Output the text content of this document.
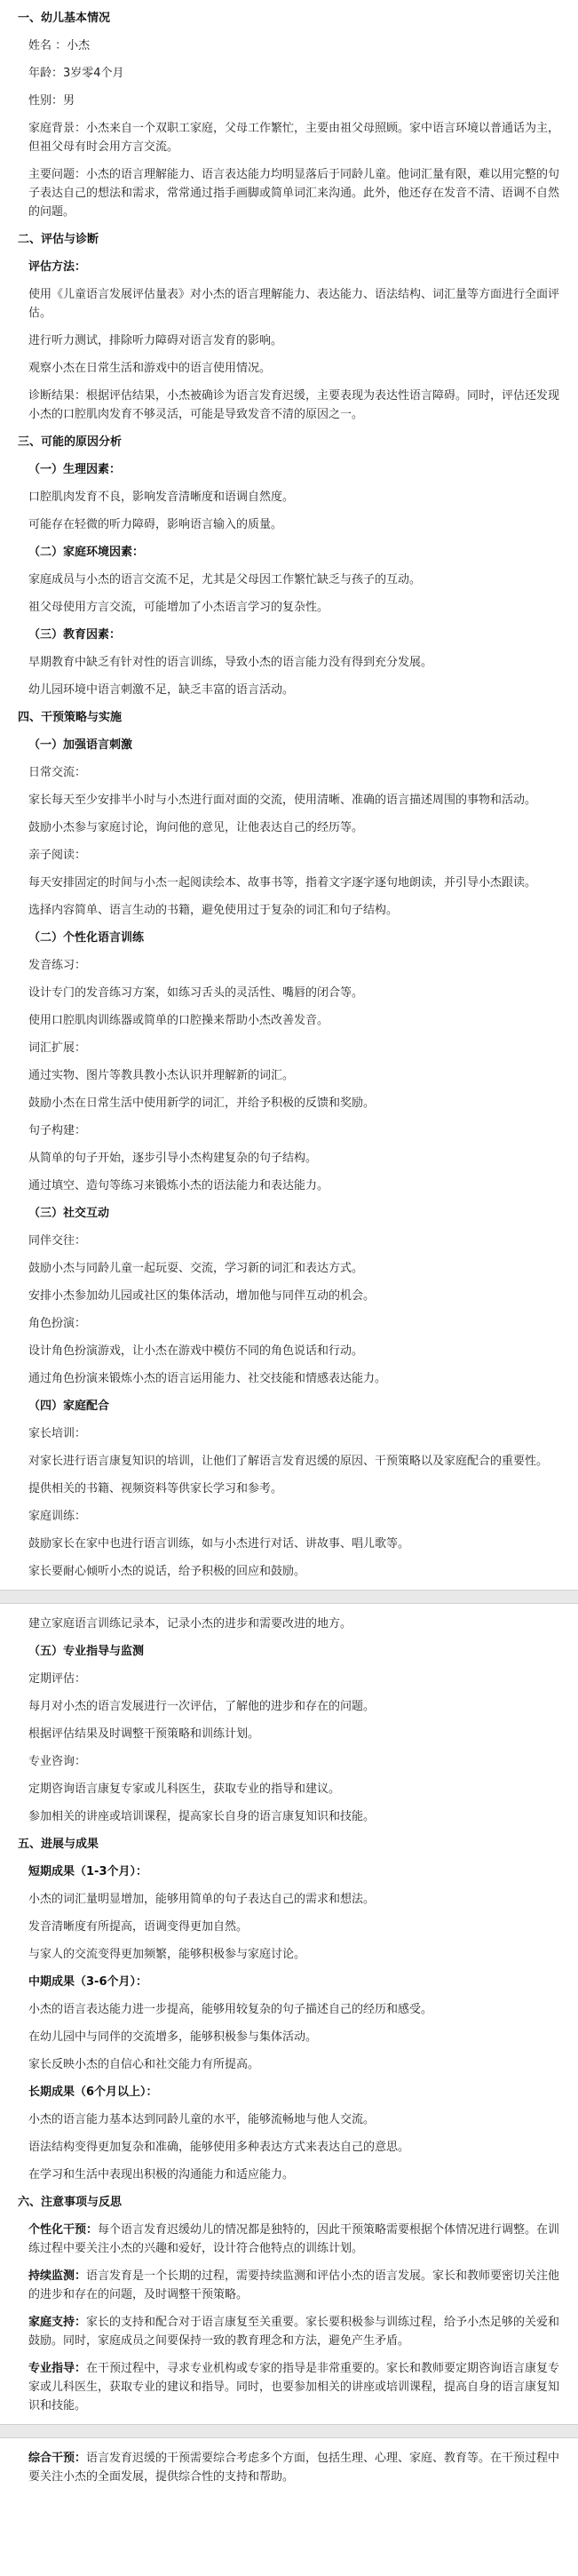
一、幼儿基本情况
姓名 ：小杰
年龄：3岁零4个月
性别：男
家庭背景：小杰来自一个双职工家庭，父母工作繁忙，主要由祖父母照顾。家中语言环境以普通话为主，但祖父母有时会用方言交流。
主要问题：小杰的语言理解能力、语言表达能力均明显落后于同龄儿童。他词汇量有限，难以用完整的句子表达自己的想法和需求，常常通过指手画脚或简单词汇来沟通。此外，他还存在发音不清、语调不自然的问题。
二、评估与诊断
评估方法：
使用《儿童语言发展评估量表》对小杰的语言理解能力、表达能力、语法结构、词汇量等方面进行全面评估。
进行听力测试，排除听力障碍对语言发育的影响。
观察小杰在日常生活和游戏中的语言使用情况。
诊断结果：根据评估结果，小杰被确诊为语言发育迟缓，主要表现为表达性语言障碍。同时，评估还发现小杰的口腔肌肉发育不够灵活，可能是导致发音不清的原因之一。
三、可能的原因分析
（一）生理因素：
口腔肌肉发育不良，影响发音清晰度和语调自然度。
可能存在轻微的听力障碍，影响语言输入的质量。
（二）家庭环境因素：
家庭成员与小杰的语言交流不足，尤其是父母因工作繁忙缺乏与孩子的互动。
祖父母使用方言交流，可能增加了小杰语言学习的复杂性。
（三）教育因素：
早期教育中缺乏有针对性的语言训练，导致小杰的语言能力没有得到充分发展。
幼儿园环境中语言刺激不足，缺乏丰富的语言活动。
四、干预策略与实施
（一）加强语言刺激
日常交流：
家长每天至少安排半小时与小杰进行面对面的交流，使用清晰、准确的语言描述周围的事物和活动。
鼓励小杰参与家庭讨论，询问他的意见，让他表达自己的经历等。
亲子阅读：
每天安排固定的时间与小杰一起阅读绘本、故事书等，指着文字逐字逐句地朗读，并引导小杰跟读。
选择内容简单、语言生动的书籍，避免使用过于复杂的词汇和句子结构。
（二）个性化语言训练
发音练习：
设计专门的发音练习方案，如练习舌头的灵活性、嘴唇的闭合等。
使用口腔肌肉训练器或简单的口腔操来帮助小杰改善发音。
词汇扩展：
通过实物、图片等教具教小杰认识并理解新的词汇。
鼓励小杰在日常生活中使用新学的词汇，并给予积极的反馈和奖励。
句子构建：
从简单的句子开始，逐步引导小杰构建复杂的句子结构。
通过填空、造句等练习来锻炼小杰的语法能力和表达能力。
（三）社交互动
同伴交往：
鼓励小杰与同龄儿童一起玩耍、交流，学习新的词汇和表达方式。
安排小杰参加幼儿园或社区的集体活动，增加他与同伴互动的机会。
角色扮演：
设计角色扮演游戏，让小杰在游戏中模仿不同的角色说话和行动。
通过角色扮演来锻炼小杰的语言运用能力、社交技能和情感表达能力。
（四）家庭配合
家长培训：
对家长进行语言康复知识的培训，让他们了解语言发育迟缓的原因、干预策略以及家庭配合的重要性。
提供相关的书籍、视频资料等供家长学习和参考。
家庭训练：
鼓励家长在家中也进行语言训练，如与小杰进行对话、讲故事、唱儿歌等。
家长要耐心倾听小杰的说话，给予积极的回应和鼓励。
建立家庭语言训练记录本，记录小杰的进步和需要改进的地方。
（五）专业指导与监测
定期评估：
每月对小杰的语言发展进行一次评估，了解他的进步和存在的问题。
根据评估结果及时调整干预策略和训练计划。
专业咨询：
定期咨询语言康复专家或儿科医生，获取专业的指导和建议。
参加相关的讲座或培训课程，提高家长自身的语言康复知识和技能。
五、进展与成果
短期成果（1-3个月）：
小杰的词汇量明显增加，能够用简单的句子表达自己的需求和想法。
发音清晰度有所提高，语调变得更加自然。
与家人的交流变得更加频繁，能够积极参与家庭讨论。
中期成果（3-6个月）：
小杰的语言表达能力进一步提高，能够用较复杂的句子描述自己的经历和感受。
在幼儿园中与同伴的交流增多，能够积极参与集体活动。
家长反映小杰的自信心和社交能力有所提高。
长期成果（6个月以上）：
小杰的语言能力基本达到同龄儿童的水平，能够流畅地与他人交流。
语法结构变得更加复杂和准确，能够使用多种表达方式来表达自己的意思。
在学习和生活中表现出积极的沟通能力和适应能力。
六、注意事项与反思
个性化干预：每个语言发育迟缓幼儿的情况都是独特的，因此干预策略需要根据个体情况进行调整。在训练过程中要关注小杰的兴趣和爱好，设计符合他特点的训练计划。
持续监测：语言发育是一个长期的过程，需要持续监测和评估小杰的语言发展。家长和教师要密切关注他的进步和存在的问题，及时调整干预策略。
家庭支持：家长的支持和配合对于语言康复至关重要。家长要积极参与训练过程，给予小杰足够的关爱和鼓励。同时，家庭成员之间要保持一致的教育理念和方法，避免产生矛盾。
专业指导：在干预过程中，寻求专业机构或专家的指导是非常重要的。家长和教师要定期咨询语言康复专家或儿科医生，获取专业的建议和指导。同时，也要参加相关的讲座或培训课程，提高自身的语言康复知识和技能。
综合干预：语言发育迟缓的干预需要综合考虑多个方面，包括生理、心理、家庭、教育等。在干预过程中要关注小杰的全面发展，提供综合性的支持和帮助。
